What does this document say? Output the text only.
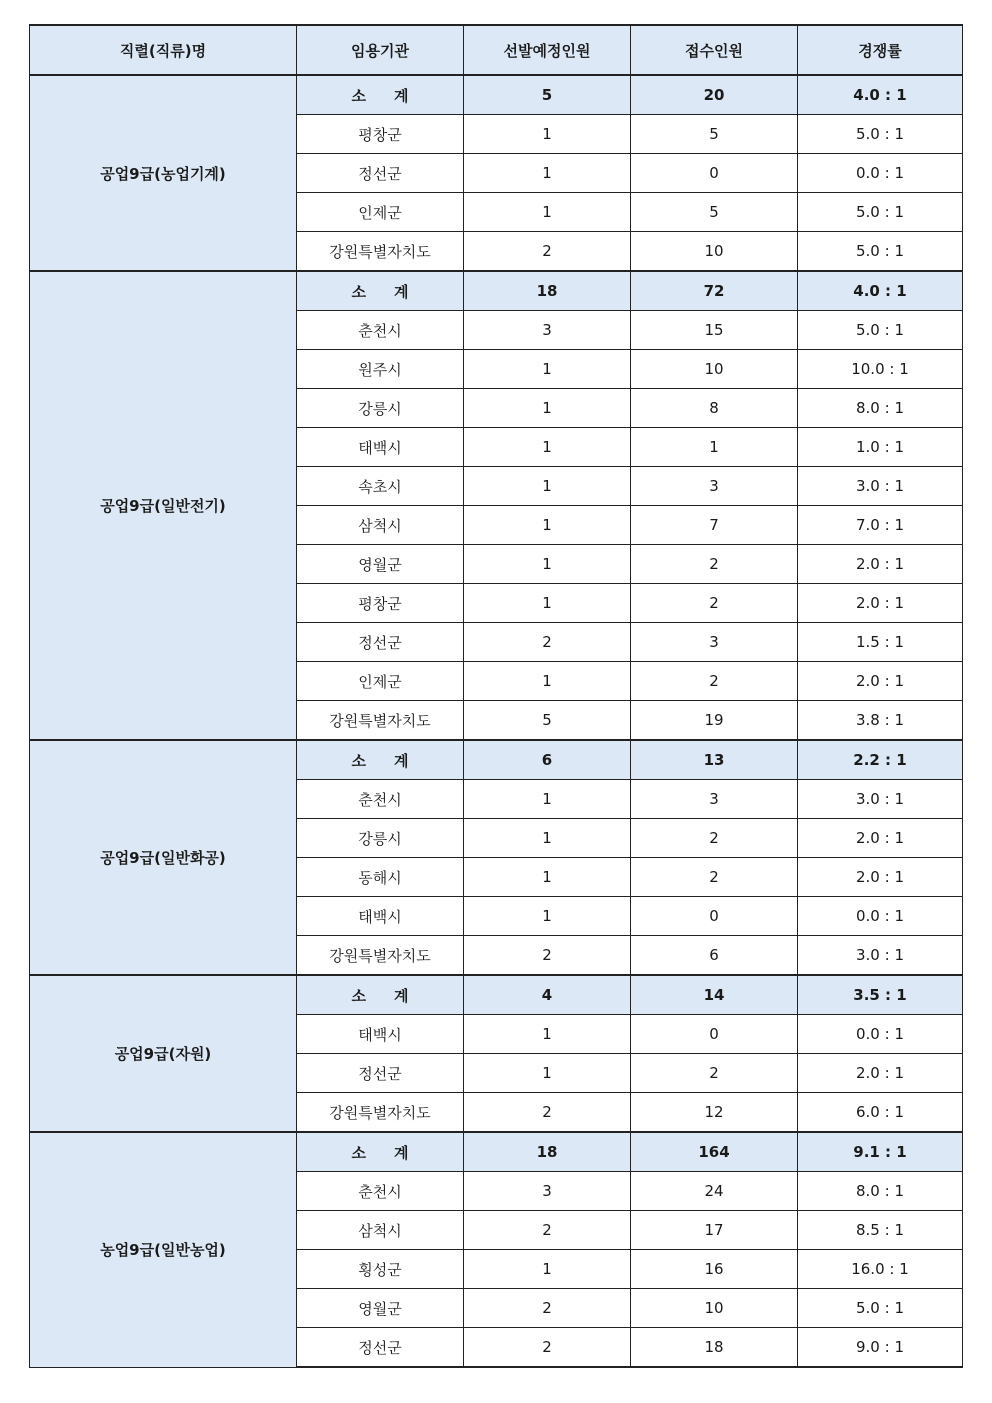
직렬(직류)명	임용기관	선발예정인원	접수인원	경쟁률
공업9급(농업기계)	소 계	5	20	4.0 : 1
	평창군	1	5	5.0 : 1
	정선군	1	0	0.0 : 1
	인제군	1	5	5.0 : 1
	강원특별자치도	2	10	5.0 : 1
공업9급(일반전기)	소 계	18	72	4.0 : 1
	춘천시	3	15	5.0 : 1
	원주시	1	10	10.0 : 1
	강릉시	1	8	8.0 : 1
	태백시	1	1	1.0 : 1
	속초시	1	3	3.0 : 1
	삼척시	1	7	7.0 : 1
	영월군	1	2	2.0 : 1
	평창군	1	2	2.0 : 1
	정선군	2	3	1.5 : 1
	인제군	1	2	2.0 : 1
	강원특별자치도	5	19	3.8 : 1
공업9급(일반화공)	소 계	6	13	2.2 : 1
	춘천시	1	3	3.0 : 1
	강릉시	1	2	2.0 : 1
	동해시	1	2	2.0 : 1
	태백시	1	0	0.0 : 1
	강원특별자치도	2	6	3.0 : 1
공업9급(자원)	소 계	4	14	3.5 : 1
	태백시	1	0	0.0 : 1
	정선군	1	2	2.0 : 1
	강원특별자치도	2	12	6.0 : 1
농업9급(일반농업)	소 계	18	164	9.1 : 1
	춘천시	3	24	8.0 : 1
	삼척시	2	17	8.5 : 1
	횡성군	1	16	16.0 : 1
	영월군	2	10	5.0 : 1
	정선군	2	18	9.0 : 1
